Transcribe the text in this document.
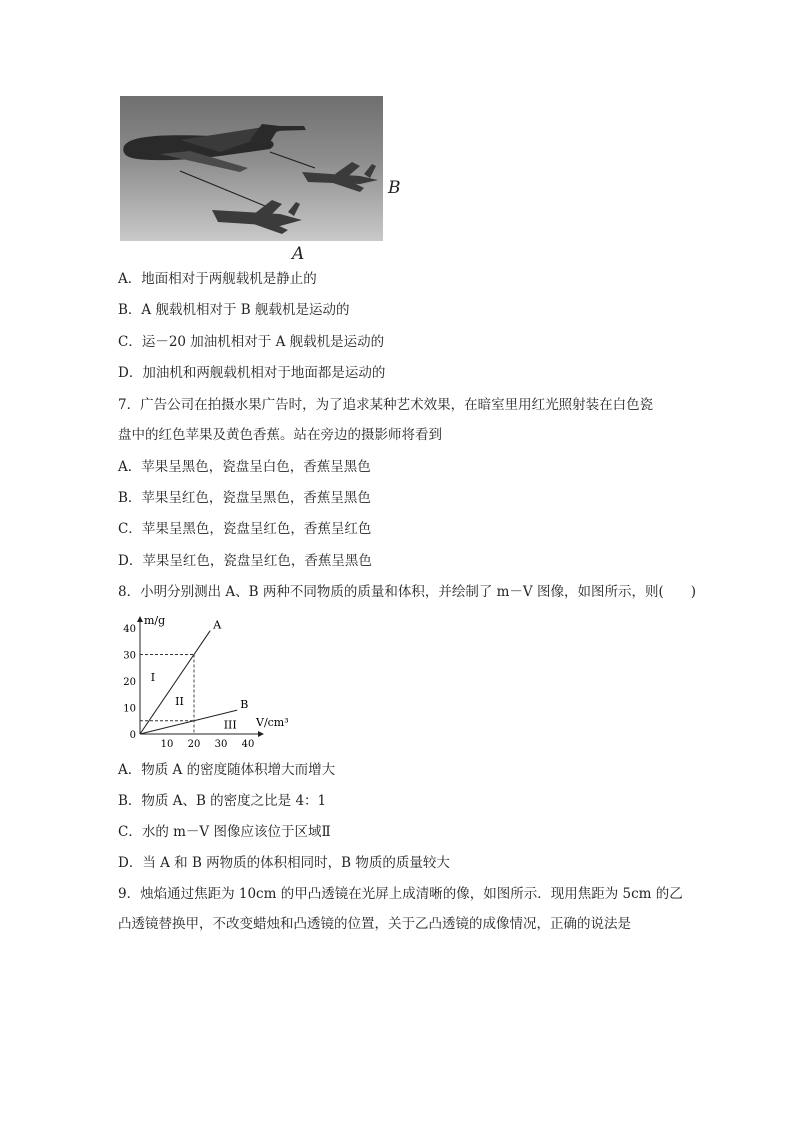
B
A
A．地面相对于两舰载机是静止的
B．A 舰载机相对于 B 舰载机是运动的
C．运－20 加油机相对于 A 舰载机是运动的
D．加油机和两舰载机相对于地面都是运动的
7．广告公司在拍摄水果广告时，为了追求某种艺术效果，在暗室里用红光照射装在白色瓷
盘中的红色苹果及黄色香蕉。站在旁边的摄影师将看到
A．苹果呈黑色，瓷盘呈白色，香蕉呈黑色
B．苹果呈红色，瓷盘呈黑色，香蕉呈黑色
C．苹果呈黑色，瓷盘呈红色，香蕉呈红色
D．苹果呈红色，瓷盘呈红色，香蕉呈黑色
8．小明分别测出 A、B 两种不同物质的质量和体积，并绘制了 m－V 图像，如图所示，则(　　)
m/g
V/cm³
10 20 30 40
0
10
20
30
40	A
B
I
II
III
A．物质 A 的密度随体积增大而增大
B．物质 A、B 的密度之比是 4：1
C．水的 m－V 图像应该位于区域Ⅱ
D．当 A 和 B 两物质的体积相同时，B 物质的质量较大
9．烛焰通过焦距为 10cm 的甲凸透镜在光屏上成清晰的像，如图所示．现用焦距为 5cm 的乙
凸透镜替换甲，不改变蜡烛和凸透镜的位置，关于乙凸透镜的成像情况，正确的说法是
